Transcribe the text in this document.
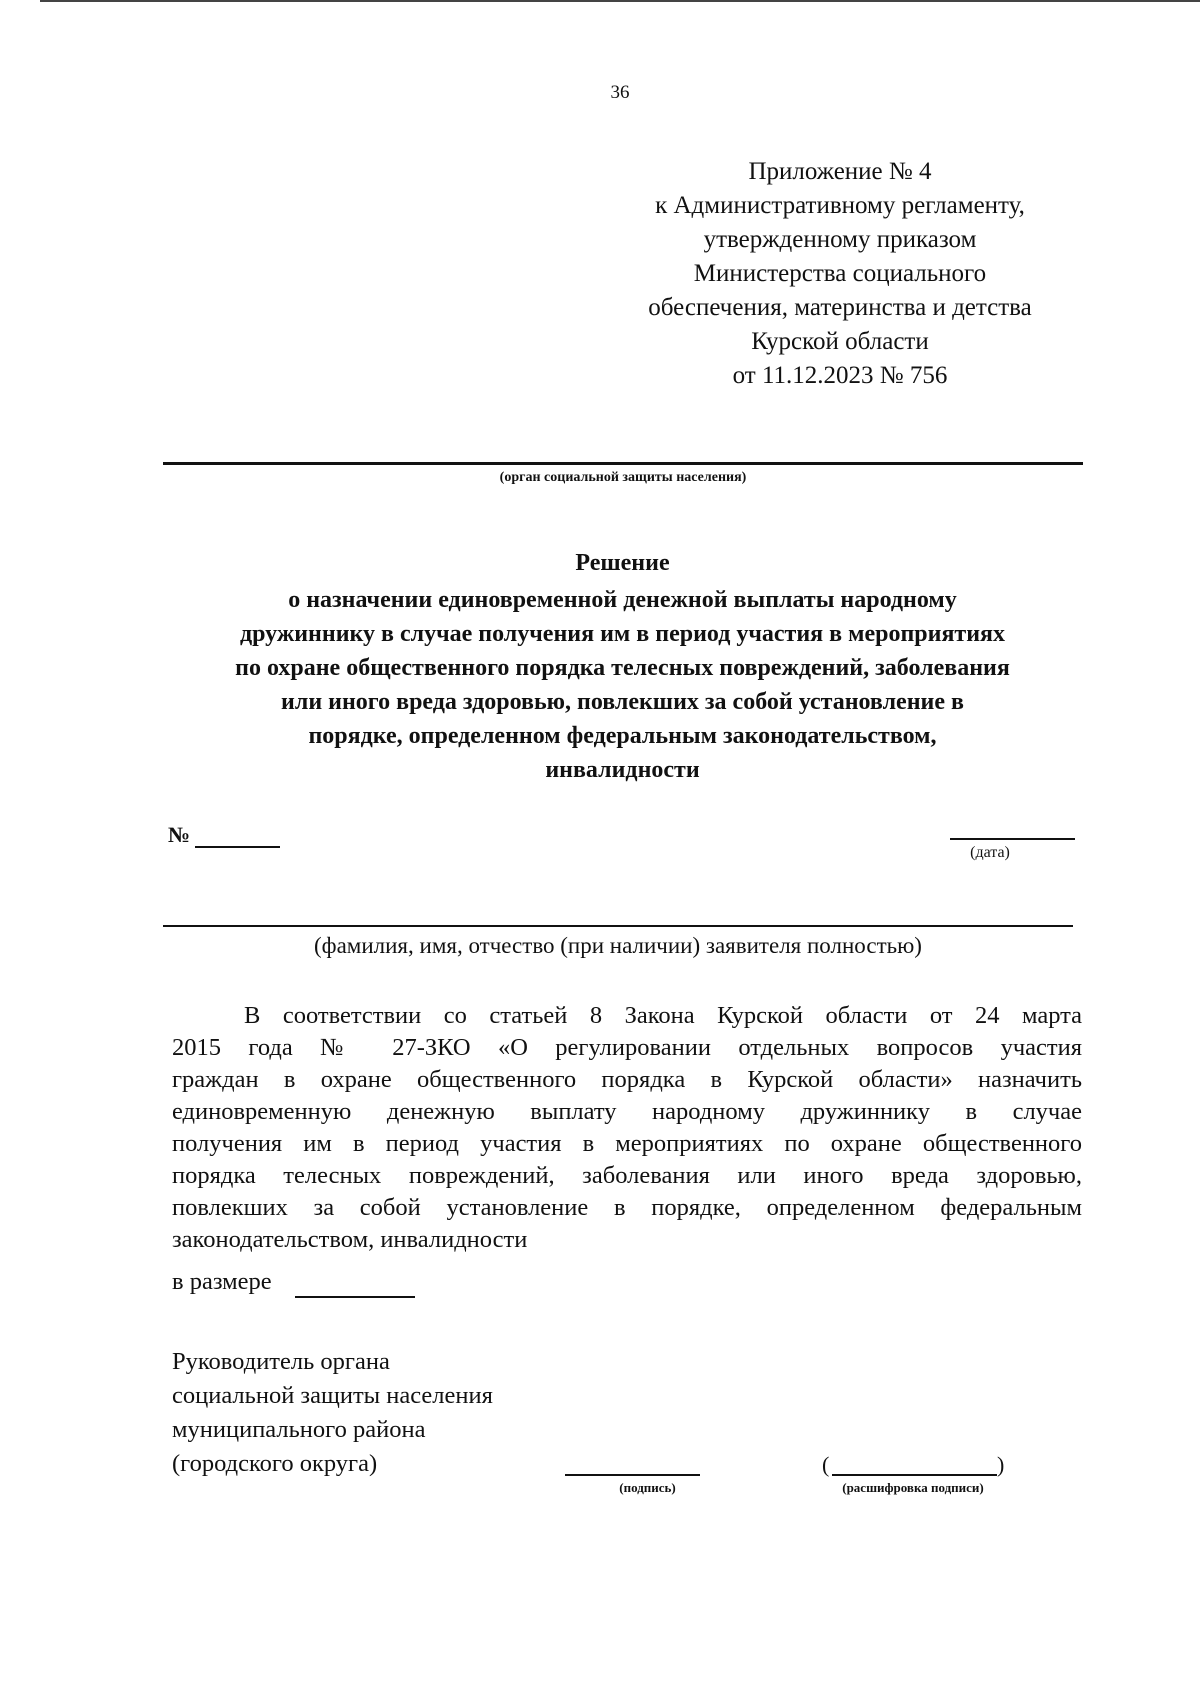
36
Приложение № 4
к Административному регламенту,
утвержденному приказом
Министерства социального
обеспечения, материнства и детства
Курской области
от 11.12.2023 № 756
(орган социальной защиты населения)
Решение
о назначении единовременной денежной выплаты народному
дружиннику в случае получения им в период участия в мероприятиях
по охране общественного порядка телесных повреждений, заболевания
или иного вреда здоровью, повлекших за собой установление в
порядке, определенном федеральным законодательством,
инвалидности
№
(дата)
(фамилия, имя, отчество (при наличии) заявителя полностью)
В соответствии со статьей 8 Закона Курской области от 24 марта
2015 года № 27-ЗКО «О регулировании отдельных вопросов участия
граждан в охране общественного порядка в Курской области» назначить
единовременную денежную выплату народному дружиннику в случае
получения им в период участия в мероприятиях по охране общественного
порядка телесных повреждений, заболевания или иного вреда здоровью,
повлекших за собой установление в порядке, определенном федеральным
законодательством, инвалидности
в размере
Руководитель органа
социальной защиты населения
муниципального района
(городского округа)
(подпись)
(	)
(расшифровка подписи)
